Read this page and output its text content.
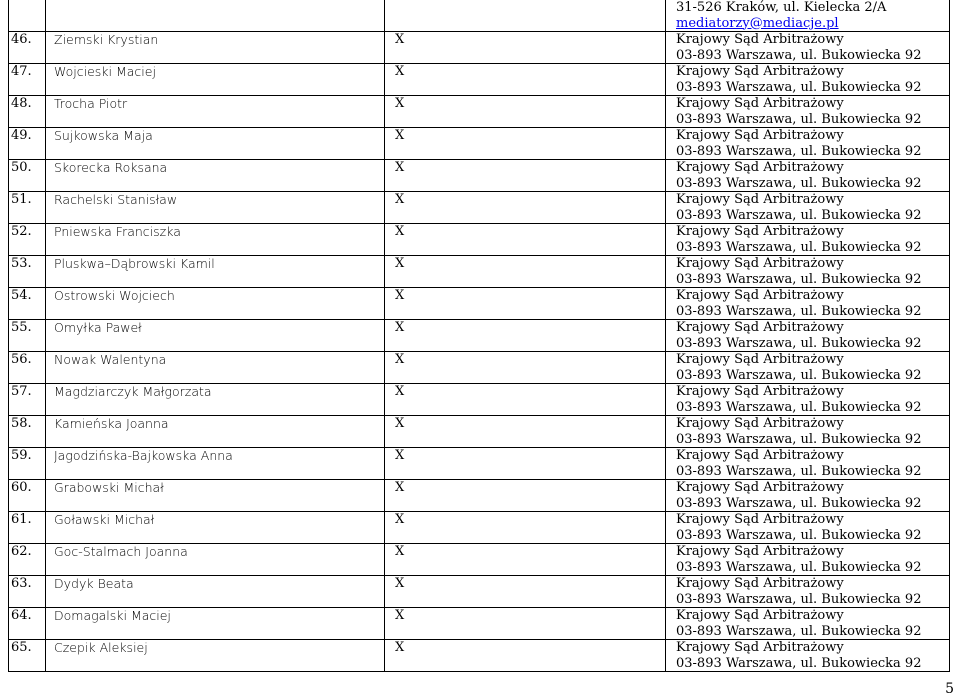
			31-526 Kraków, ul. Kielecka 2/A
mediatorzy@mediacje.pl

46.	Ziemski Krystian	X	Krajowy Sąd Arbitrażowy
03-893 Warszawa, ul. Bukowiecka 92

47.	Wojcieski Maciej	X	Krajowy Sąd Arbitrażowy
03-893 Warszawa, ul. Bukowiecka 92

48.	Trocha Piotr	X	Krajowy Sąd Arbitrażowy
03-893 Warszawa, ul. Bukowiecka 92

49.	Sujkowska Maja	X	Krajowy Sąd Arbitrażowy
03-893 Warszawa, ul. Bukowiecka 92

50.	Skorecka Roksana	X	Krajowy Sąd Arbitrażowy
03-893 Warszawa, ul. Bukowiecka 92

51.	Rachelski Stanisław	X	Krajowy Sąd Arbitrażowy
03-893 Warszawa, ul. Bukowiecka 92

52.	Pniewska Franciszka	X	Krajowy Sąd Arbitrażowy
03-893 Warszawa, ul. Bukowiecka 92

53.	Pluskwa–Dąbrowski Kamil	X	Krajowy Sąd Arbitrażowy
03-893 Warszawa, ul. Bukowiecka 92

54.	Ostrowski Wojciech	X	Krajowy Sąd Arbitrażowy
03-893 Warszawa, ul. Bukowiecka 92

55.	Omyłka Paweł	X	Krajowy Sąd Arbitrażowy
03-893 Warszawa, ul. Bukowiecka 92

56.	Nowak Walentyna	X	Krajowy Sąd Arbitrażowy
03-893 Warszawa, ul. Bukowiecka 92

57.	Magdziarczyk Małgorzata	X	Krajowy Sąd Arbitrażowy
03-893 Warszawa, ul. Bukowiecka 92

58.	Kamieńska Joanna	X	Krajowy Sąd Arbitrażowy
03-893 Warszawa, ul. Bukowiecka 92

59.	Jagodzińska-Bajkowska Anna	X	Krajowy Sąd Arbitrażowy
03-893 Warszawa, ul. Bukowiecka 92

60.	Grabowski Michał	X	Krajowy Sąd Arbitrażowy
03-893 Warszawa, ul. Bukowiecka 92

61.	Goławski Michał	X	Krajowy Sąd Arbitrażowy
03-893 Warszawa, ul. Bukowiecka 92

62.	Goc-Stalmach Joanna	X	Krajowy Sąd Arbitrażowy
03-893 Warszawa, ul. Bukowiecka 92

63.	Dydyk Beata	X	Krajowy Sąd Arbitrażowy
03-893 Warszawa, ul. Bukowiecka 92

64.	Domagalski Maciej	X	Krajowy Sąd Arbitrażowy
03-893 Warszawa, ul. Bukowiecka 92

65.	Czepik Aleksiej	X	Krajowy Sąd Arbitrażowy
03-893 Warszawa, ul. Bukowiecka 92
5
